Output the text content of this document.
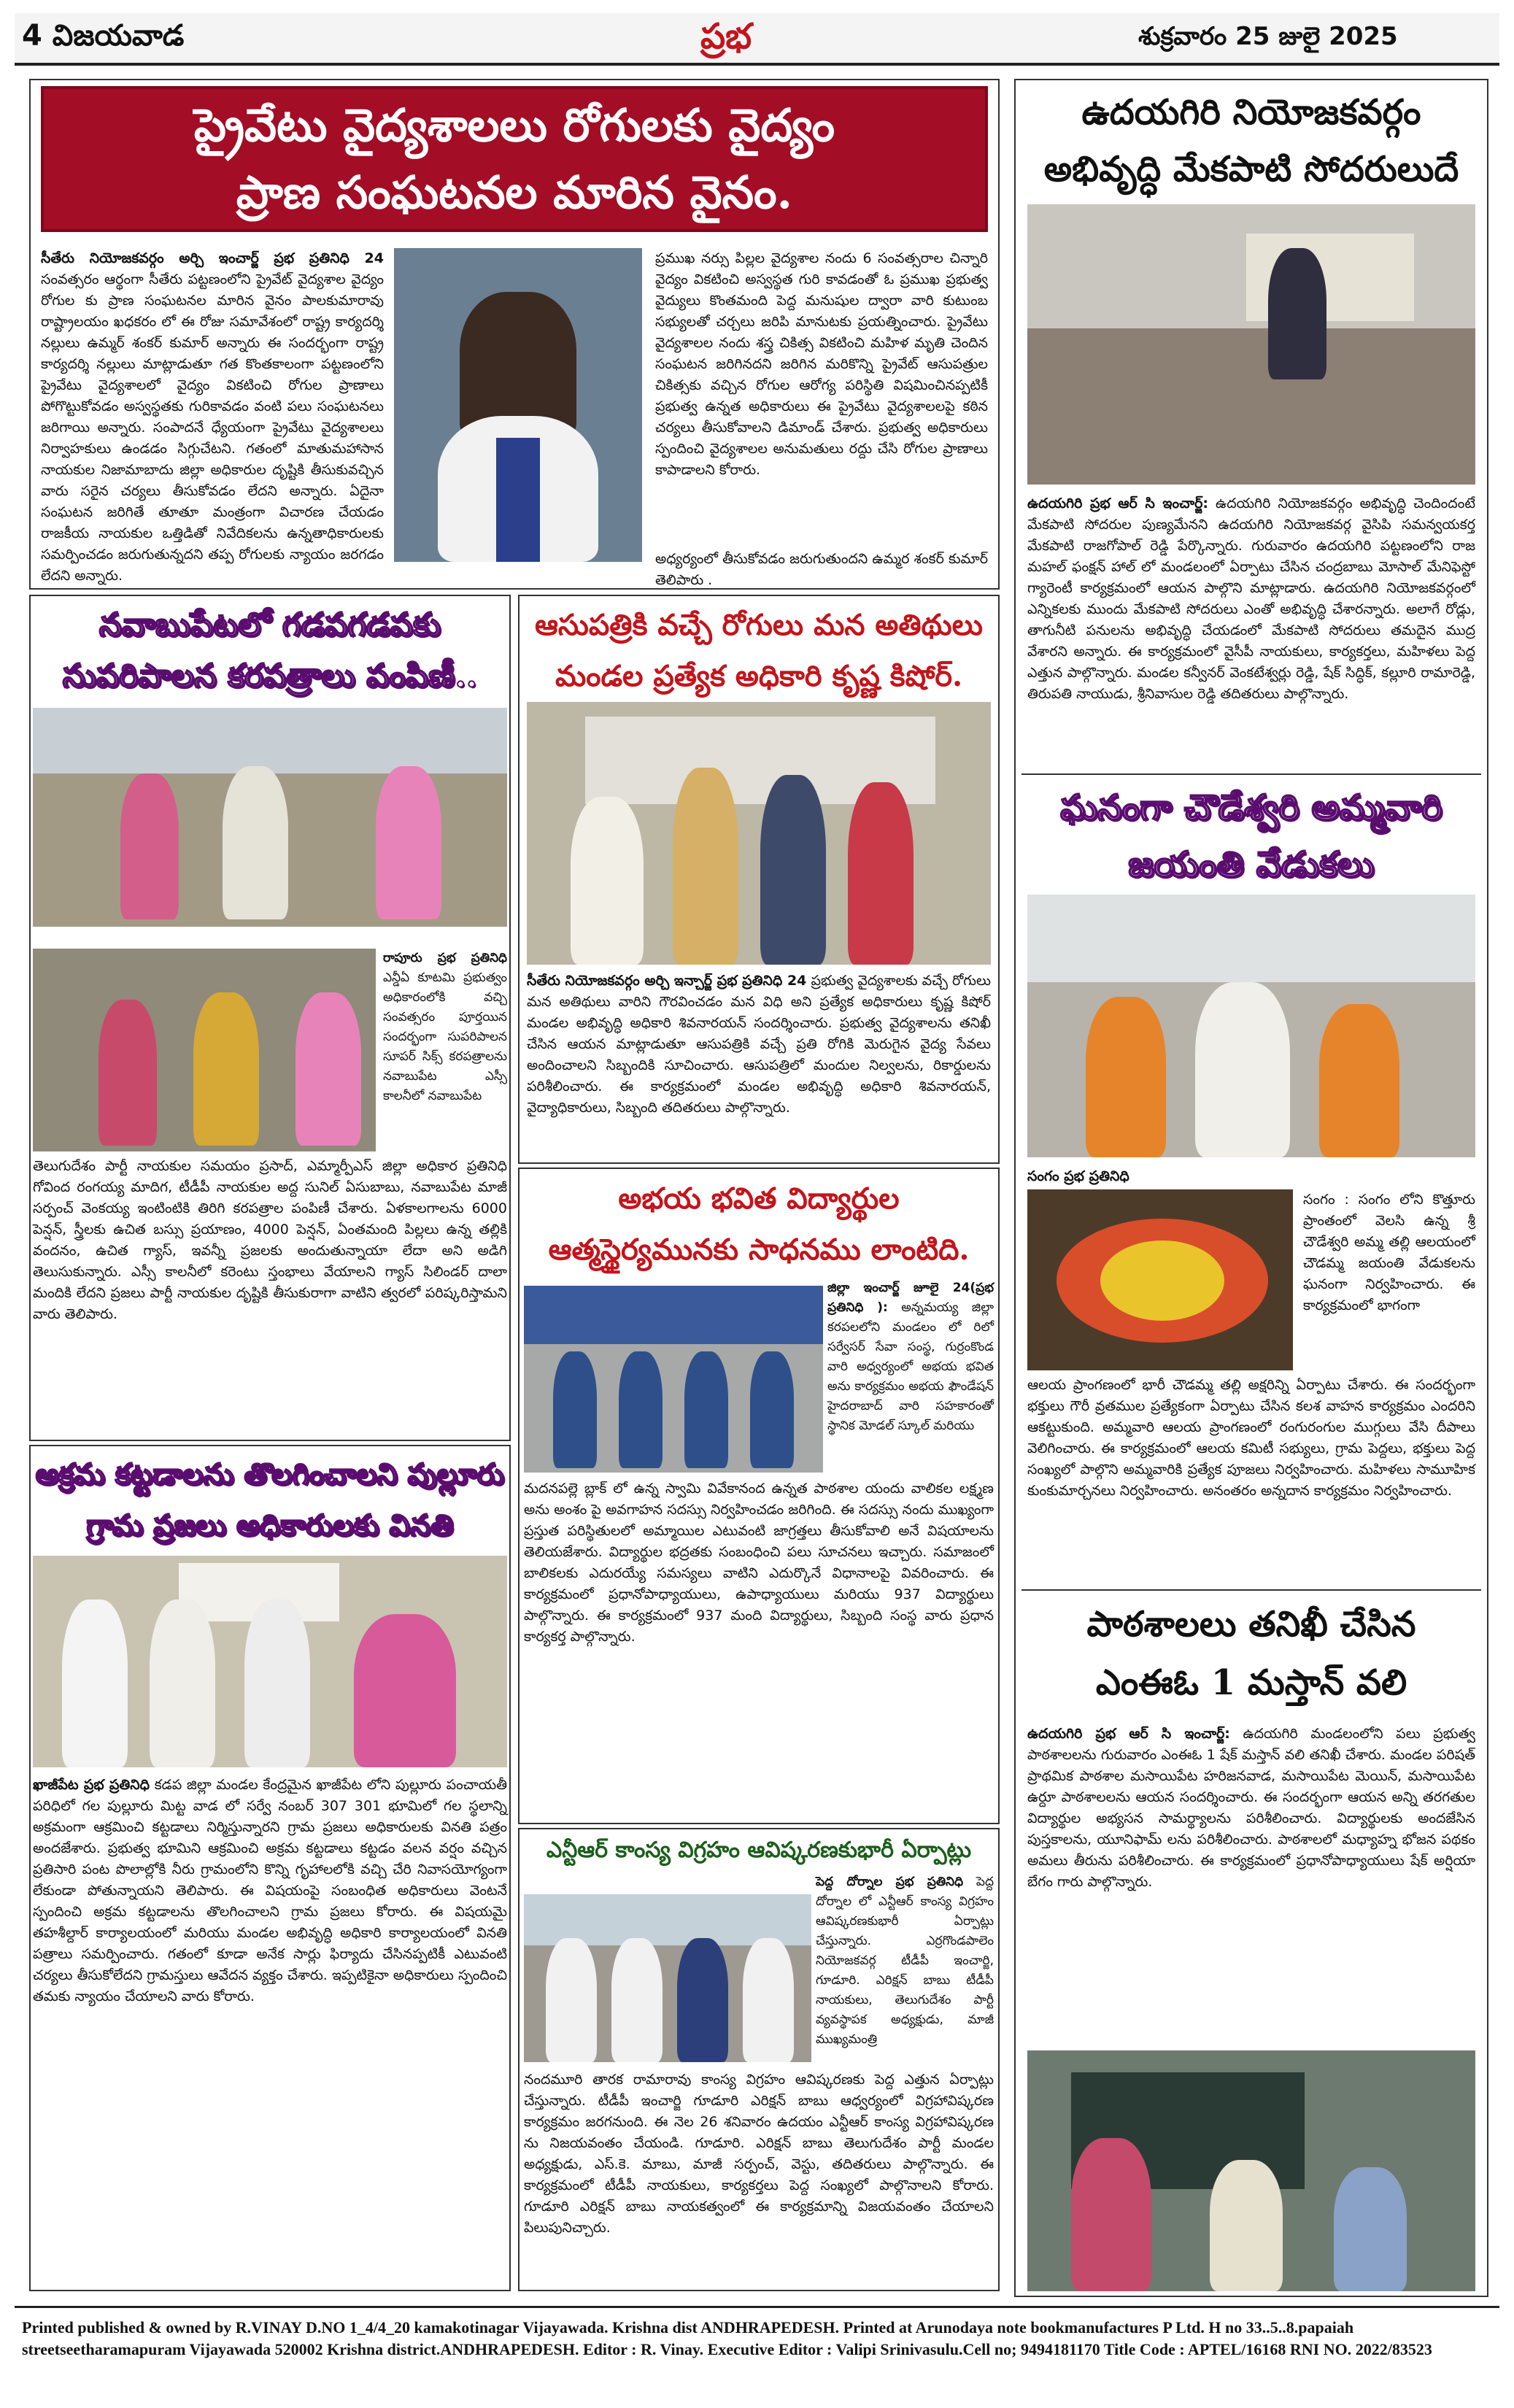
4 విజయవాడ	ప్రభ	శుక్రవారం 25 జులై 2025
ప్రైవేటు వైద్యశాలలు రోగులకు వైద్యం
ప్రాణ సంఘటనల మారిన వైనం.
సీతేరు నియోజకవర్గం అర్చి ఇంచార్జ్ ప్రభ ప్రతినిధి 24 సంవత్సరం ఆర్థంగా సీతేరు పట్టణంలోని ప్రైవేట్ వైద్యశాల వైద్యం రోగుల కు ప్రాణ సంఘటనల మారిన వైనం పాలకుమారావు రాష్ట్రాలయం ఖధకరం లో ఈ రోజు సమావేశంలో రాష్ట్ర కార్యదర్శి నల్లులు ఉమ్మర్ శంకర్ కుమార్ అన్నారు ఈ సందర్భంగా రాష్ట్ర కార్యదర్శి నల్లులు మాట్లాడుతూ గత కొంతకాలంగా పట్టణంలోని ప్రైవేటు వైద్యశాలలో వైద్యం వికటించి రోగుల ప్రాణాలు పోగొట్టుకోవడం అస్వస్థతకు గురికావడం వంటి పలు సంఘటనలు జరిగాయి అన్నారు. సంపాదనే ధ్యేయంగా ప్రైవేటు వైద్యశాలలు నిర్వాహకులు ఉండడం సిగ్గుచేటని. గతంలో మాతుమహాసాన నాయకుల నిజామాబాదు జిల్లా అధికారుల దృష్టికి తీసుకువచ్చిన వారు సరైన చర్యలు తీసుకోవడం లేదని అన్నారు. ఏదైనా సంఘటన జరిగితే తూతూ మంత్రంగా విచారణ చేయడం రాజకీయ నాయకుల ఒత్తిడితో నివేదికలను ఉన్నతాధికారులకు సమర్పించడం జరుగుతున్నదని తప్ప రోగులకు న్యాయం జరగడం లేదని అన్నారు.
ప్రముఖ నర్సు పిల్లల వైద్యశాల నందు 6 సంవత్సరాల చిన్నారి వైద్యం వికటించి అస్వస్థత గురి కావడంతో ఓ ప్రముఖ ప్రభుత్వ వైద్యులు కొంతమంది పెద్ద మనుషుల ద్వారా వారి కుటుంబ సభ్యులతో చర్చలు జరిపి మానుటకు ప్రయత్నించారు. ప్రైవేటు వైద్యశాలల నందు శస్త్ర చికిత్స వికటించి మహిళ మృతి చెందిన సంఘటన జరిగినదని జరిగిన మరికొన్ని ప్రైవేట్ ఆసుపత్రుల చికిత్సకు వచ్చిన రోగుల ఆరోగ్య పరిస్థితి విషమించినప్పటికీ ప్రభుత్వ ఉన్నత అధికారులు ఈ ప్రైవేటు వైద్యశాలలపై కఠిన చర్యలు తీసుకోవాలని డిమాండ్ చేశారు. ప్రభుత్వ అధికారులు స్పందించి వైద్యశాలల అనుమతులు రద్దు చేసి రోగుల ప్రాణాలు కాపాడాలని కోరారు.
అధ్యర్యంలో తీసుకోవడం జరుగుతుందని ఉమ్మర శంకర్ కుమార్ తెలిపారు .
ఉదయగిరి నియోజకవర్గం
అభివృద్ధి మేకపాటి సోదరులుదే
ఉదయగిరి ప్రభ ఆర్ సి ఇంచార్జ్: ఉదయగిరి నియోజకవర్గం అభివృద్ధి చెందిందంటే మేకపాటి సోదరుల పుణ్యమేనని ఉదయగిరి నియోజకవర్గ వైసిపి సమన్వయకర్త మేకపాటి రాజగోపాల్ రెడ్డి పేర్కొన్నారు. గురువారం ఉదయగిరి పట్టణంలోని రాజ మహల్ ఫంక్షన్ హాల్ లో మండలంలో ఏర్పాటు చేసిన చంద్రబాబు మోసాల్ మేనిఫెస్టో గ్యారెంటీ కార్యక్రమంలో ఆయన పాల్గొని మాట్లాడారు. ఉదయగిరి నియోజకవర్గంలో ఎన్నికలకు ముందు మేకపాటి సోదరులు ఎంతో అభివృద్ధి చేశారన్నారు. అలాగే రోడ్లు, తాగునీటి పనులను అభివృద్ధి చేయడంలో మేకపాటి సోదరులు తమదైన ముద్ర వేశారని అన్నారు. ఈ కార్యక్రమంలో వైసీపీ నాయకులు, కార్యకర్తలు, మహిళలు పెద్ద ఎత్తున పాల్గొన్నారు. మండల కన్వీనర్ వెంకటేశ్వర్లు రెడ్డి, షేక్ సిద్ధిక్, కల్లూరి రామారెడ్డి, తిరుపతి నాయుడు, శ్రీనివాసుల రెడ్డి తదితరులు పాల్గొన్నారు.
ఘనంగా చౌడేశ్వరి అమ్మవారి
జయంతి వేడుకలు
సంగం ప్రభ ప్రతినిధి
సంగం : సంగం లోని కొత్తూరు ప్రాంతంలో వెలసి ఉన్న శ్రీ చౌడేశ్వరి అమ్మ తల్లి ఆలయంలో చౌడమ్మ జయంతి వేడుకలను ఘనంగా నిర్వహించారు. ఈ కార్యక్రమంలో భాగంగా
ఆలయ ప్రాంగణంలో భారీ చౌడమ్మ తల్లి అక్షరిన్ని ఏర్పాటు చేశారు. ఈ సందర్భంగా భక్తులు గౌరీ వ్రతముల ప్రత్యేకంగా ఏర్పాటు చేసిన కలశ వాహన కార్యక్రమం ఎందరిని ఆకట్టుకుంది. అమ్మవారి ఆలయ ప్రాంగణంలో రంగురంగుల ముగ్గులు వేసి దీపాలు వెలిగించారు. ఈ కార్యక్రమంలో ఆలయ కమిటీ సభ్యులు, గ్రామ పెద్దలు, భక్తులు పెద్ద సంఖ్యలో పాల్గొని అమ్మవారికి ప్రత్యేక పూజలు నిర్వహించారు. మహిళలు సామూహిక కుంకుమార్చనలు నిర్వహించారు. అనంతరం అన్నదాన కార్యక్రమం నిర్వహించారు.
పాఠశాలలు తనిఖీ చేసిన
ఎంఈఓ 1 మస్తాన్ వలి
ఉదయగిరి ప్రభ ఆర్ సి ఇంచార్జ్: ఉదయగిరి మండలంలోని పలు ప్రభుత్వ పాఠశాలలను గురువారం ఎంఈఓ 1 షేక్ మస్తాన్ వలి తనిఖీ చేశారు. మండల పరిషత్ ప్రాథమిక పాఠశాల మసాయిపేట హరిజనవాడ, మసాయిపేట మెయిన్, మసాయిపేట ఉర్దూ పాఠశాలలను ఆయన సందర్శించారు. ఈ సందర్భంగా ఆయన అన్ని తరగతుల విద్యార్థుల అభ్యసన సామర్థ్యాలను పరిశీలించారు. విద్యార్థులకు అందజేసిన పుస్తకాలను, యూనిఫామ్ లను పరిశీలించారు. పాఠశాలలో మధ్యాహ్న భోజన పథకం అమలు తీరును పరిశీలించారు. ఈ కార్యక్రమంలో ప్రధానోపాధ్యాయులు షేక్ అర్షియా బేగం గారు పాల్గొన్నారు.
నవాబుపేటలో గడపగడపకు
సుపరిపాలన కరపత్రాలు పంపిణీ..
రాపూరు ప్రభ ప్రతినిధి ఎన్డీఏ కూటమి ప్రభుత్వం అధికారంలోకి వచ్చి సంవత్సరం పూర్తయిన సందర్భంగా సుపరిపాలన సూపర్ సిక్స్ కరపత్రాలను నవాబుపేట ఎస్సీ కాలనీలో నవాబుపేట
తెలుగుదేశం పార్టీ నాయకుల సమయం ప్రసాద్, ఎమ్మార్పీఎస్ జిల్లా అధికార ప్రతినిధి గోవింద రంగయ్య మాదిగ, టీడీపీ నాయకుల అద్ద సునిల్ ఏసుబాబు, నవాబుపేట మాజీ సర్పంచ్ వెంకయ్య ఇంటింటికి తిరిగి కరపత్రాల పంపిణీ చేశారు. ఏళకాలగాలను 6000 పెన్షన్, స్త్రీలకు ఉచిత బస్సు ప్రయాణం, 4000 పెన్షన్, ఏంతమంది పిల్లలు ఉన్న తల్లికి వందనం, ఉచిత గ్యాస్, ఇవన్నీ ప్రజలకు అందుతున్నాయా లేదా అని అడిగి తెలుసుకున్నారు. ఎస్సీ కాలనీలో కరెంటు స్తంభాలు వేయాలని గ్యాస్ సిలిండర్ దాలా మందికి లేదని ప్రజలు పార్టీ నాయకుల దృష్టికి తీసుకురాగా వాటిని త్వరలో పరిష్కరిస్తామని వారు తెలిపారు.
ఆసుపత్రికి వచ్చే రోగులు మన అతిథులు
మండల ప్రత్యేక అధికారి కృష్ణ కిషోర్.
సీతేరు నియోజకవర్గం అర్చి ఇన్చార్జ్ ప్రభ ప్రతినిధి 24 ప్రభుత్వ వైద్యశాలకు వచ్చే రోగులు మన అతిథులు వారిని గౌరవించడం మన విధి అని ప్రత్యేక అధికారులు కృష్ణ కిషోర్ మండల అభివృద్ధి అధికారి శివనారయన్ సందర్శించారు. ప్రభుత్వ వైద్యశాలను తనిఖీ చేసిన ఆయన మాట్లాడుతూ ఆసుపత్రికి వచ్చే ప్రతి రోగికి మెరుగైన వైద్య సేవలు అందించాలని సిబ్బందికి సూచించారు. ఆసుపత్రిలో మందుల నిల్వలను, రికార్డులను పరిశీలించారు. ఈ కార్యక్రమంలో మండల అభివృద్ధి అధికారి శివనారయన్, వైద్యాధికారులు, సిబ్బంది తదితరులు పాల్గొన్నారు.
అభయ భవిత విద్యార్థుల
ఆత్మస్థైర్యమునకు సాధనము లాంటిది.
జిల్లా ఇంచార్జ్ జూలై 24(ప్రభ ప్రతినిధి ): అన్నమయ్య జిల్లా కరపలలోని మండలం లో రిలో సర్వేసర్ సేవా సంస్థ, గుర్రంకొండ వారి అధ్వర్యంలో అభయ భవిత అను కార్యక్రమం అభయ ఫౌండేషన్ హైదరాబాద్ వారి సహకారంతో స్థానిక మోడల్ స్కూల్ మరియు
మదనపల్లె బ్లాక్ లో ఉన్న స్వామి వివేకానంద ఉన్నత పాఠశాల యందు వాలికల లక్ష్మణ అను అంశం పై అవగాహన సదస్సు నిర్వహించడం జరిగింది. ఈ సదస్సు నందు ముఖ్యంగా ప్రస్తుత పరిస్థితులలో అమ్మాయిల ఎటువంటి జాగ్రత్తలు తీసుకోవాలి అనే విషయాలను తెలియజేశారు. విద్యార్థుల భద్రతకు సంబంధించి పలు సూచనలు ఇచ్చారు. సమాజంలో బాలికలకు ఎదురయ్యే సమస్యలు వాటిని ఎదుర్కొనే విధానాలపై వివరించారు. ఈ కార్యక్రమంలో ప్రధానోపాధ్యాయులు, ఉపాధ్యాయులు మరియు 937 విద్యార్థులు పాల్గొన్నారు. ఈ కార్యక్రమంలో 937 మంది విద్యార్థులు, సిబ్బంది సంస్థ వారు ప్రధాన కార్యకర్త పాల్గొన్నారు.
అక్రమ కట్టడాలను తొలగించాలని పుల్లూరు
గ్రామ ప్రజలు అధికారులకు వినతి
ఖాజీపేట ప్రభ ప్రతినిధి కడప జిల్లా మండల కేంద్రమైన ఖాజీపేట లోని పుల్లూరు పంచాయతీ పరిధిలో గల పుల్లూరు మిట్ట వాడ లో సర్వే నంబర్ 307 301 భూమిలో గల స్థలాన్ని అక్రమంగా ఆక్రమించి కట్టడాలు నిర్మిస్తున్నారని గ్రామ ప్రజలు అధికారులకు వినతి పత్రం అందజేశారు. ప్రభుత్వ భూమిని ఆక్రమించి అక్రమ కట్టడాలు కట్టడం వలన వర్షం వచ్చిన ప్రతిసారి పంట పొలాల్లోకి నీరు గ్రామంలోని కొన్ని గృహాలలోకి వచ్చి చేరి నివాసయోగ్యంగా లేకుండా పోతున్నాయని తెలిపారు. ఈ విషయంపై సంబంధిత అధికారులు వెంటనే స్పందించి అక్రమ కట్టడాలను తొలగించాలని గ్రామ ప్రజలు కోరారు. ఈ విషయమై తహశీల్దార్ కార్యాలయంలో మరియు మండల అభివృద్ధి అధికారి కార్యాలయంలో వినతి పత్రాలు సమర్పించారు. గతంలో కూడా అనేక సార్లు ఫిర్యాదు చేసినప్పటికీ ఎటువంటి చర్యలు తీసుకోలేదని గ్రామస్తులు ఆవేదన వ్యక్తం చేశారు. ఇప్పటికైనా అధికారులు స్పందించి తమకు న్యాయం చేయాలని వారు కోరారు.
ఎన్టీఆర్ కాంస్య విగ్రహం ఆవిష్కరణకుభారీ ఏర్పాట్లు
పెద్ద దోర్నాల ప్రభ ప్రతినిధి పెద్ద దోర్నాల లో ఎన్టీఆర్ కాంస్య విగ్రహం ఆవిష్కరణకుభారీ ఏర్పాట్లు చేస్తున్నారు. ఎర్రగొండపాలెం నియోజకవర్గ టీడీపీ ఇంచార్జి, గూడూరి. ఎరిక్షన్ బాబు టీడీపీ నాయకులు, తెలుగుదేశం పార్టీ వ్యవస్థాపక అధ్యక్షుడు, మాజీ ముఖ్యమంత్రి
నందమూరి తారక రామారావు కాంస్య విగ్రహం ఆవిష్కరణకు పెద్ద ఎత్తున ఏర్పాట్లు చేస్తున్నారు. టీడీపీ ఇంచార్జి గూడూరి ఎరిక్షన్ బాబు ఆధ్వర్యంలో విగ్రహావిష్కరణ కార్యక్రమం జరగనుంది. ఈ నెల 26 శనివారం ఉదయం ఎన్టీఆర్ కాంస్య విగ్రహావిష్కరణ ను నిజయవంతం చేయండి. గూడూరి. ఎరిక్షన్ బాబు తెలుగుదేశం పార్టీ మండల అధ్యక్షుడు, ఎస్.కె. మాబు, మాజీ సర్పంచ్, వెస్టు, తదితరులు పాల్గొన్నారు. ఈ కార్యక్రమంలో టీడీపీ నాయకులు, కార్యకర్తలు పెద్ద సంఖ్యలో పాల్గొనాలని కోరారు. గూడూరి ఎరిక్షన్ బాబు నాయకత్వంలో ఈ కార్యక్రమాన్ని విజయవంతం చేయాలని పిలుపునిచ్చారు.
Printed published & owned by R.VINAY D.NO 1_4/4_20 kamakotinagar Vijayawada. Krishna dist ANDHRAPEDESH. Printed at Arunodaya note bookmanufactures P Ltd. H no 33..5..8.papaiah
streetseetharamapuram Vijayawada 520002 Krishna district.ANDHRAPEDESH. Editor : R. Vinay. Executive Editor : Valipi Srinivasulu.Cell no; 9494181170 Title Code : APTEL/16168 RNI NO. 2022/83523
